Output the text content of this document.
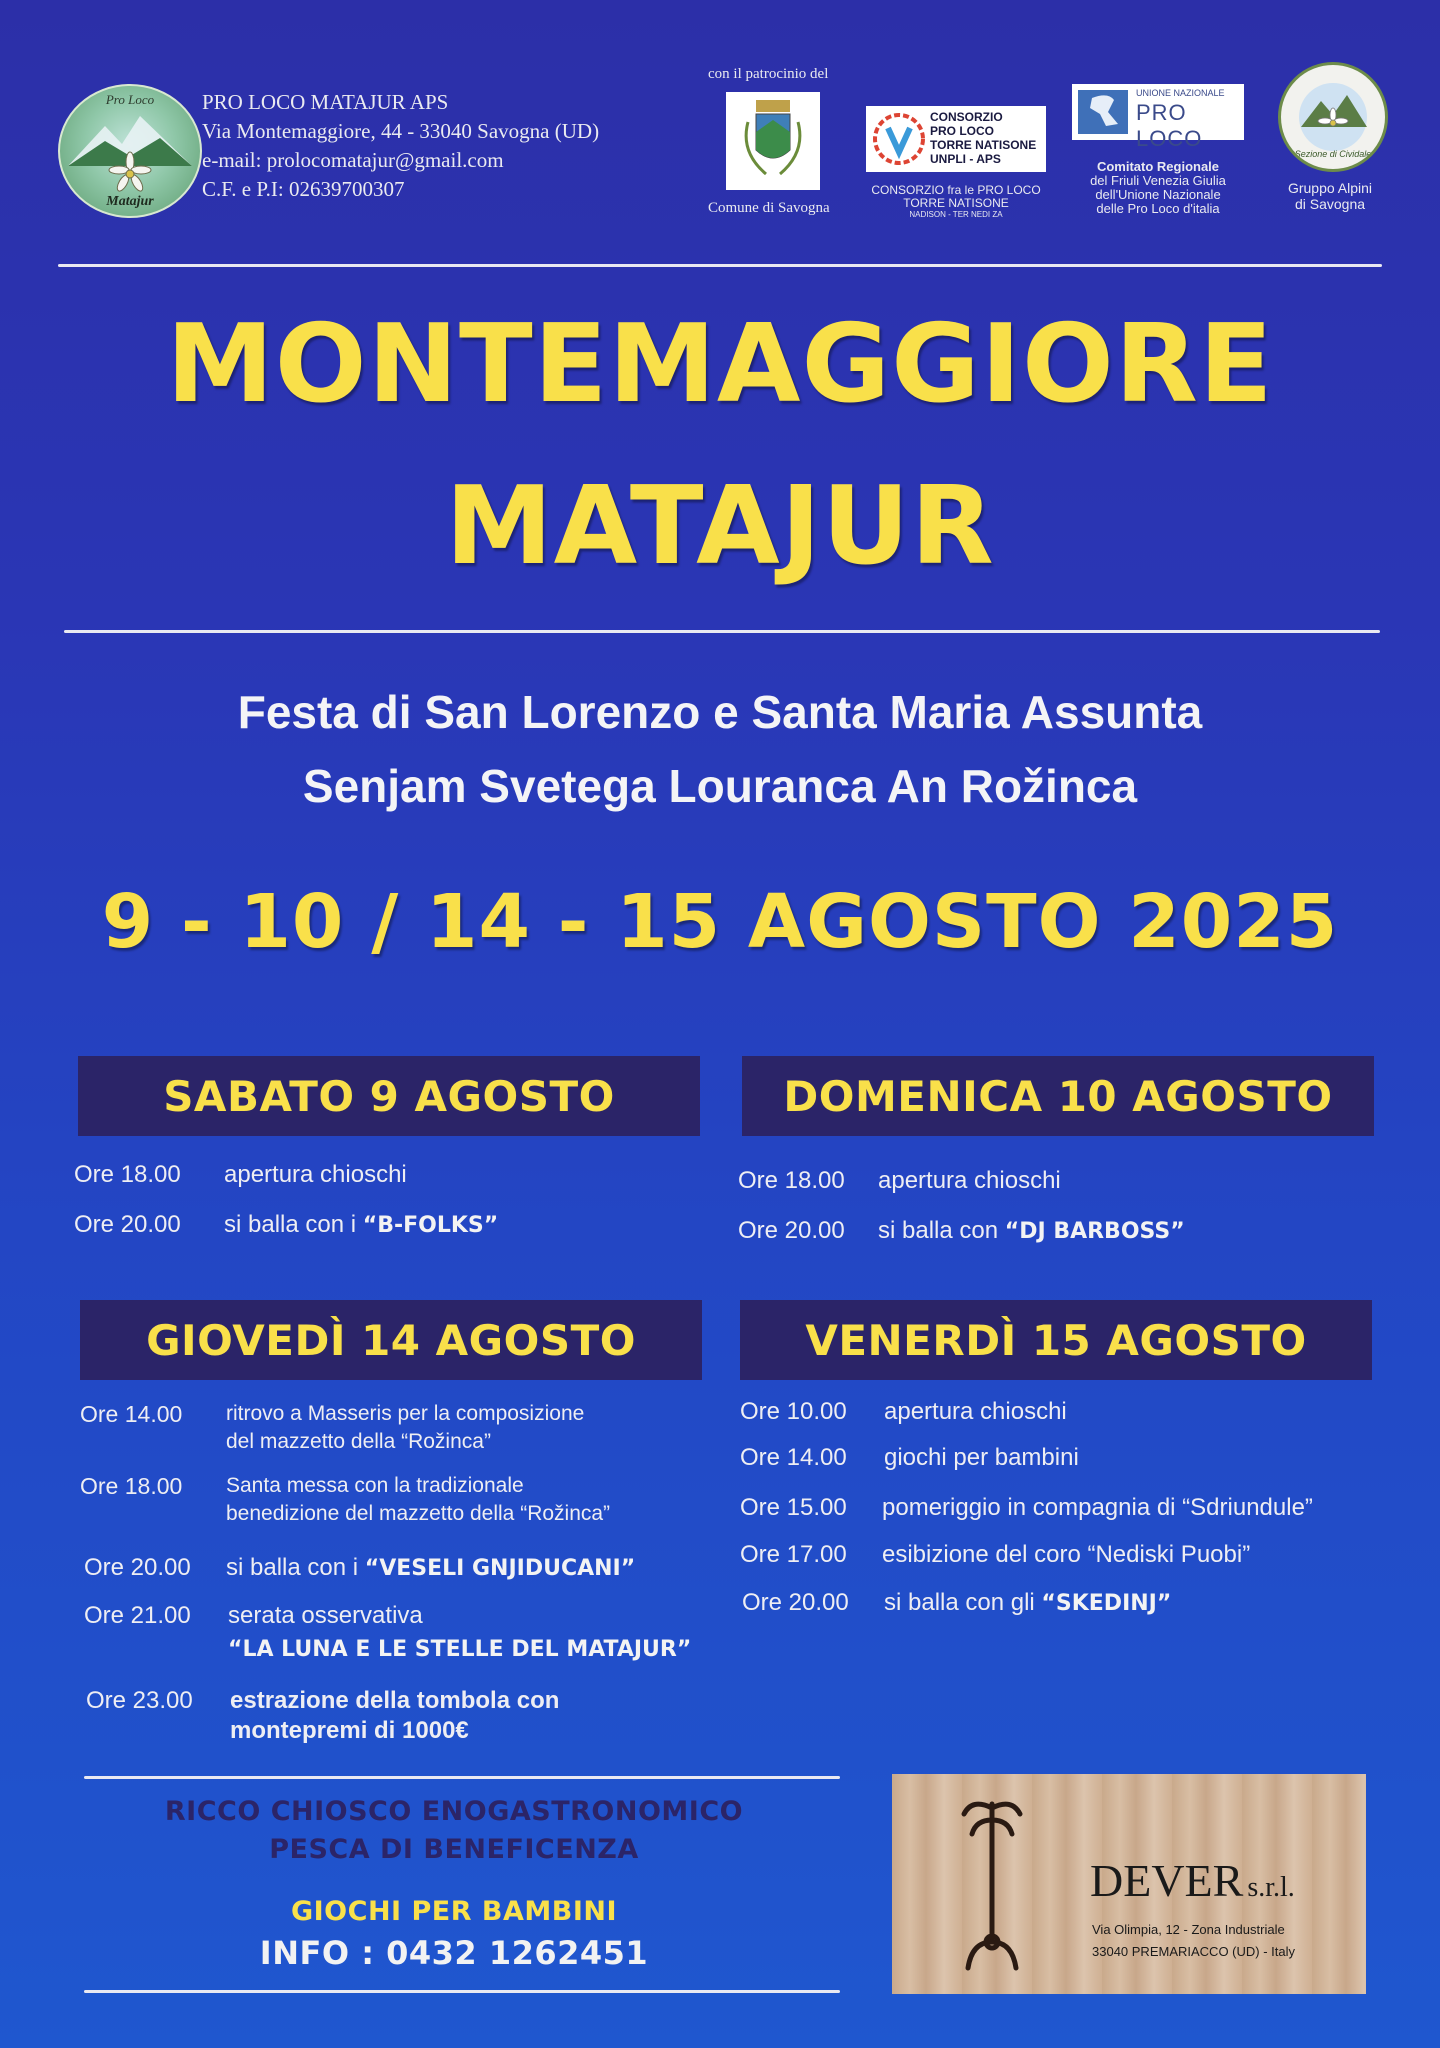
Pro Loco
Matajur
PRO LOCO MATAJUR APS
Via Montemaggiore, 44 - 33040 Savogna (UD)
e-mail: prolocomatajur@gmail.com
C.F. e P.I: 02639700307
con il patrocinio del
Comune di Savogna
CONSORZIO
PRO LOCO
TORRE NATISONE
UNPLI - APS
CONSORZIO fra le PRO LOCO
TORRE NATISONE
NADISON - TER NEDI ZA
UNIONE NAZIONALE
PRO LOCO
Comitato Regionale
del Friuli Venezia Giulia
dell'Unione Nazionale
delle Pro Loco d'italia
Sezione di Cividale
Gruppo Alpini
di Savogna
MONTEMAGGIORE
MATAJUR
Festa di San Lorenzo e Santa Maria Assunta
Senjam Svetega Louranca An Rožinca
9 - 10 / 14 - 15 AGOSTO 2025
SABATO 9 AGOSTO
Ore 18.00 apertura chioschi
Ore 20.00 si balla con i “B-FOLKS”
DOMENICA 10 AGOSTO
Ore 18.00 apertura chioschi
Ore 20.00 si balla con “DJ BARBOSS”
GIOVEDÌ 14 AGOSTO
Ore 14.00 ritrovo a Masseris per la composizione
del mazzetto della “Rožinca”
Ore 18.00 Santa messa con la tradizionale
benedizione del mazzetto della “Rožinca”
Ore 20.00 si balla con i “VESELI GNJIDUCANI”
Ore 21.00 serata osservativa
“LA LUNA E LE STELLE DEL MATAJUR”
Ore 23.00 estrazione della tombola con
montepremi di 1000€
VENERDÌ 15 AGOSTO
Ore 10.00 apertura chioschi
Ore 14.00 giochi per bambini
Ore 15.00 pomeriggio in compagnia di “Sdriundule”
Ore 17.00 esibizione del coro “Nediski Puobi”
Ore 20.00 si balla con gli “SKEDINJ”
RICCO CHIOSCO ENOGASTRONOMICO
PESCA DI BENEFICENZA
GIOCHI PER BAMBINI
INFO : 0432 1262451
DEVER s.r.l.
Via Olimpia, 12 - Zona Industriale
33040 PREMARIACCO (UD) - Italy
